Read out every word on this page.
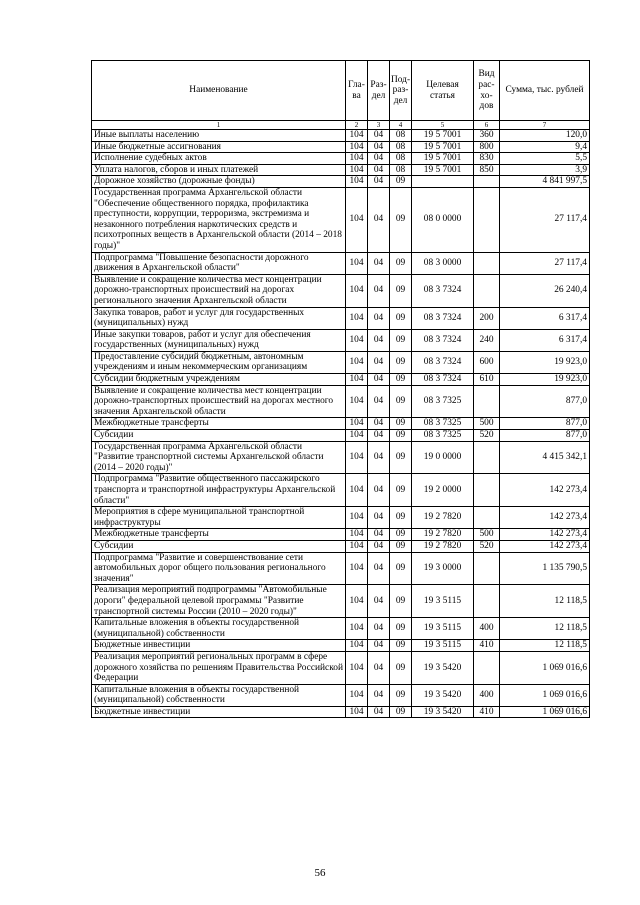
Наименование	Гла-ва	Раз-дел	Под-раз-дел	Целевая статья	Вид рас-хо-дов	Сумма, тыс. рублей
1	2	3	4	5	6	7
Иные выплаты населению	104	04	08	19 5 7001	360	120,0
Иные бюджетные ассигнования	104	04	08	19 5 7001	800	9,4
Исполнение судебных актов	104	04	08	19 5 7001	830	5,5
Уплата налогов, сборов и иных платежей	104	04	08	19 5 7001	850	3,9
Дорожное хозяйство (дорожные фонды)	104	04	09			4 841 997,5
Государственная программа Архангельской области "Обеспечение общественного порядка, профилактика преступности, коррупции, терроризма, экстремизма и незаконного потребления наркотических средств и психотропных веществ в Архангельской области (2014 – 2018 годы)"	104	04	09	08 0 0000		27 117,4
Подпрограмма "Повышение безопасности дорожного движения в Архангельской области"	104	04	09	08 3 0000		27 117,4
Выявление и сокращение количества мест концентрации дорожно-транспортных происшествий на дорогах регионального значения Архангельской области	104	04	09	08 3 7324		26 240,4
Закупка товаров, работ и услуг для государственных (муниципальных) нужд	104	04	09	08 3 7324	200	6 317,4
Иные закупки товаров, работ и услуг для обеспечения государственных (муниципальных) нужд	104	04	09	08 3 7324	240	6 317,4
Предоставление субсидий бюджетным, автономным учреждениям и иным некоммерческим организациям	104	04	09	08 3 7324	600	19 923,0
Субсидии бюджетным учреждениям	104	04	09	08 3 7324	610	19 923,0
Выявление и сокращение количества мест концентрации дорожно-транспортных происшествий на дорогах местного значения Архангельской области	104	04	09	08 3 7325		877,0
Межбюджетные трансферты	104	04	09	08 3 7325	500	877,0
Субсидии	104	04	09	08 3 7325	520	877,0
Государственная программа Архангельской области "Развитие транспортной системы Архангельской области (2014 – 2020 годы)"	104	04	09	19 0 0000		4 415 342,1
Подпрограмма "Развитие общественного пассажирского транспорта и транспортной инфраструктуры Архангельской области"	104	04	09	19 2 0000		142 273,4
Мероприятия в сфере муниципальной транспортной инфраструктуры	104	04	09	19 2 7820		142 273,4
Межбюджетные трансферты	104	04	09	19 2 7820	500	142 273,4
Субсидии	104	04	09	19 2 7820	520	142 273,4
Подпрограмма "Развитие и совершенствование сети автомобильных дорог общего пользования регионального значения"	104	04	09	19 3 0000		1 135 790,5
Реализация мероприятий подпрограммы "Автомобильные дороги" федеральной целевой программы "Развитие транспортной системы России (2010 – 2020 годы)"	104	04	09	19 3 5115		12 118,5
Капитальные вложения в объекты государственной (муниципальной) собственности	104	04	09	19 3 5115	400	12 118,5
Бюджетные инвестиции	104	04	09	19 3 5115	410	12 118,5
Реализация мероприятий региональных программ в сфере дорожного хозяйства по решениям Правительства Российской Федерации	104	04	09	19 3 5420		1 069 016,6
Капитальные вложения в объекты государственной (муниципальной) собственности	104	04	09	19 3 5420	400	1 069 016,6
Бюджетные инвестиции	104	04	09	19 3 5420	410	1 069 016,6
56
